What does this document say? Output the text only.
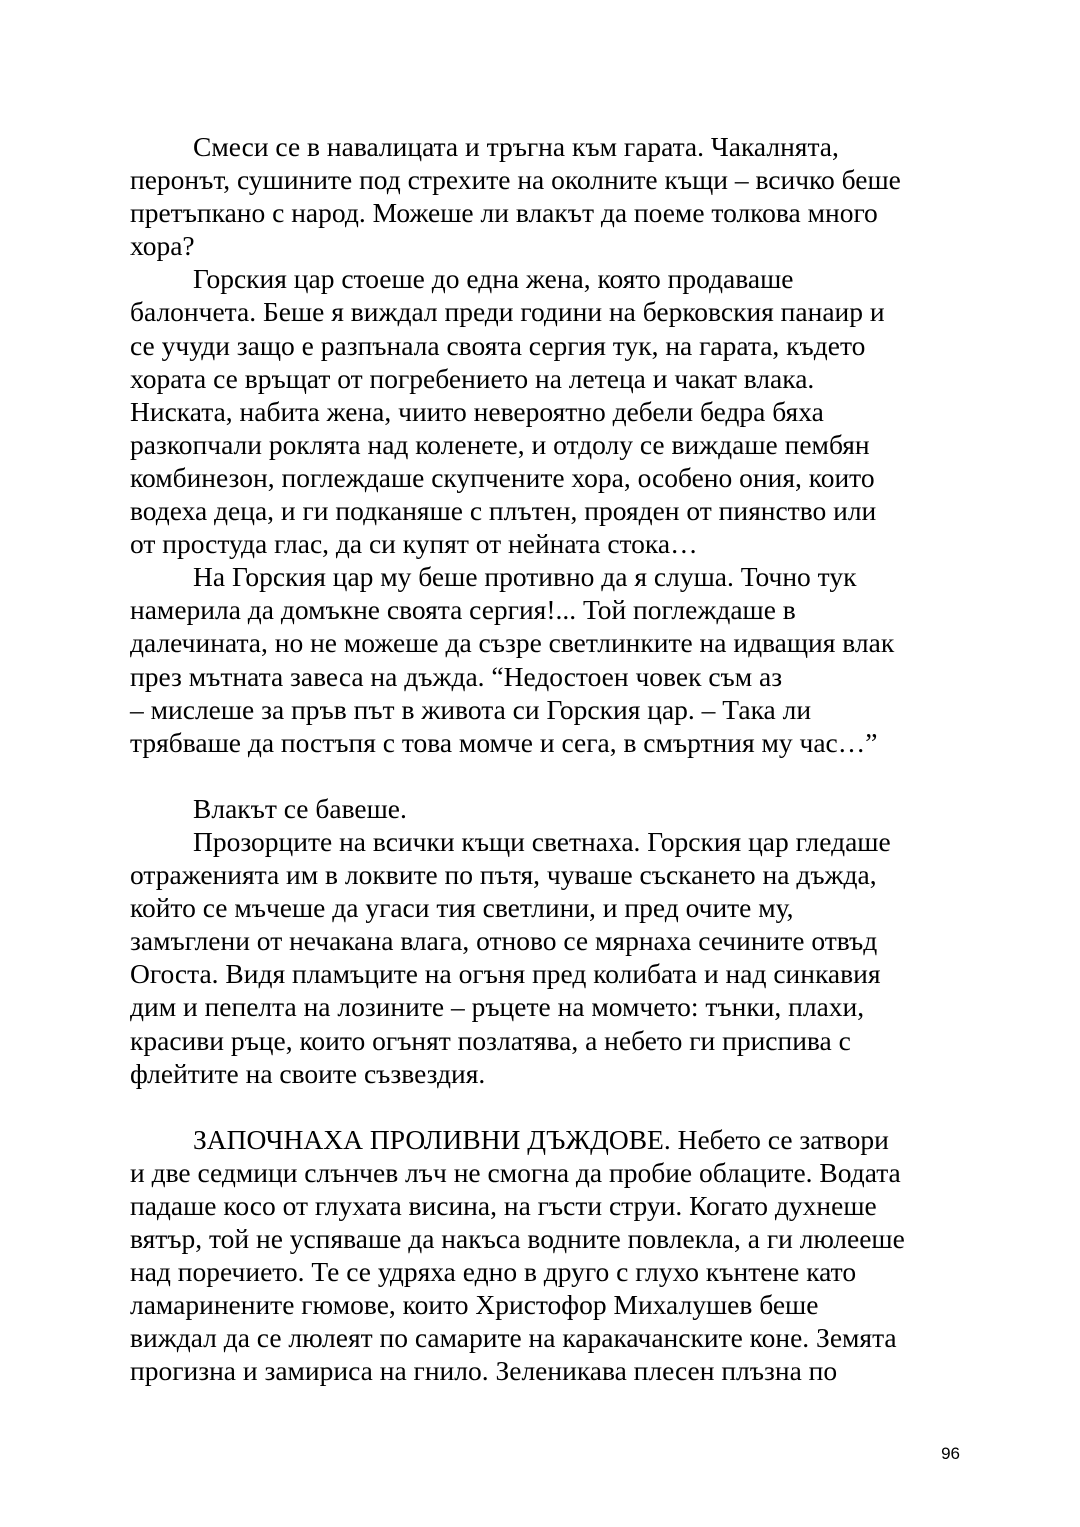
Смеси се в навалицата и тръгна към гарата. Чакалнята,
перонът, сушините под стрехите на околните къщи – всичко беше
претъпкано с народ. Можеше ли влакът да поеме толкова много
хора?
Горския цар стоеше до една жена, която продаваше
балончета. Беше я виждал преди години на берковския панаир и
се учуди защо е разпънала своята сергия тук, на гарата, където
хората се връщат от погребението на летеца и чакат влака.
Ниската, набита жена, чиито невероятно дебели бедра бяха
разкопчали роклята над коленете, и отдолу се виждаше пембян
комбинезон, поглеждаше скупчените хора, особено ония, които
водеха деца, и ги подканяше с плътен, прояден от пиянство или
от простуда глас, да си купят от нейната стока…
На Горския цар му беше противно да я слуша. Точно тук
намерила да домъкне своята сергия!... Той поглеждаше в
далечината, но не можеше да съзре светлинките на идващия влак
през мътната завеса на дъжда. “Недостоен човек съм аз
– мислеше за пръв път в живота си Горския цар. – Така ли
трябваше да постъпя с това момче и сега, в смъртния му час…”
Влакът се бавеше.
Прозорците на всички къщи светнаха. Горския цар гледаше
отраженията им в локвите по пътя, чуваше съскането на дъжда,
който се мъчеше да угаси тия светлини, и пред очите му,
замъглени от нечакана влага, отново се мярнаха сечините отвъд
Огоста. Видя пламъците на огъня пред колибата и над синкавия
дим и пепелта на лозините – ръцете на момчето: тънки, плахи,
красиви ръце, които огънят позлатява, а небето ги приспива с
флейтите на своите съзвездия.
ЗАПОЧНАХА ПРОЛИВНИ ДЪЖДОВЕ. Небето се затвори
и две седмици слънчев лъч не смогна да пробие облаците. Водата
падаше косо от глухата висина, на гъсти струи. Когато духнеше
вятър, той не успяваше да накъса водните повлекла, а ги люлееше
над поречието. Те се удряха едно в друго с глухо кънтене като
ламаринените гюмове, които Христофор Михалушев беше
виждал да се люлеят по самарите на каракачанските коне. Земята
прогизна и замириса на гнило. Зеленикава плесен плъзна по
96
